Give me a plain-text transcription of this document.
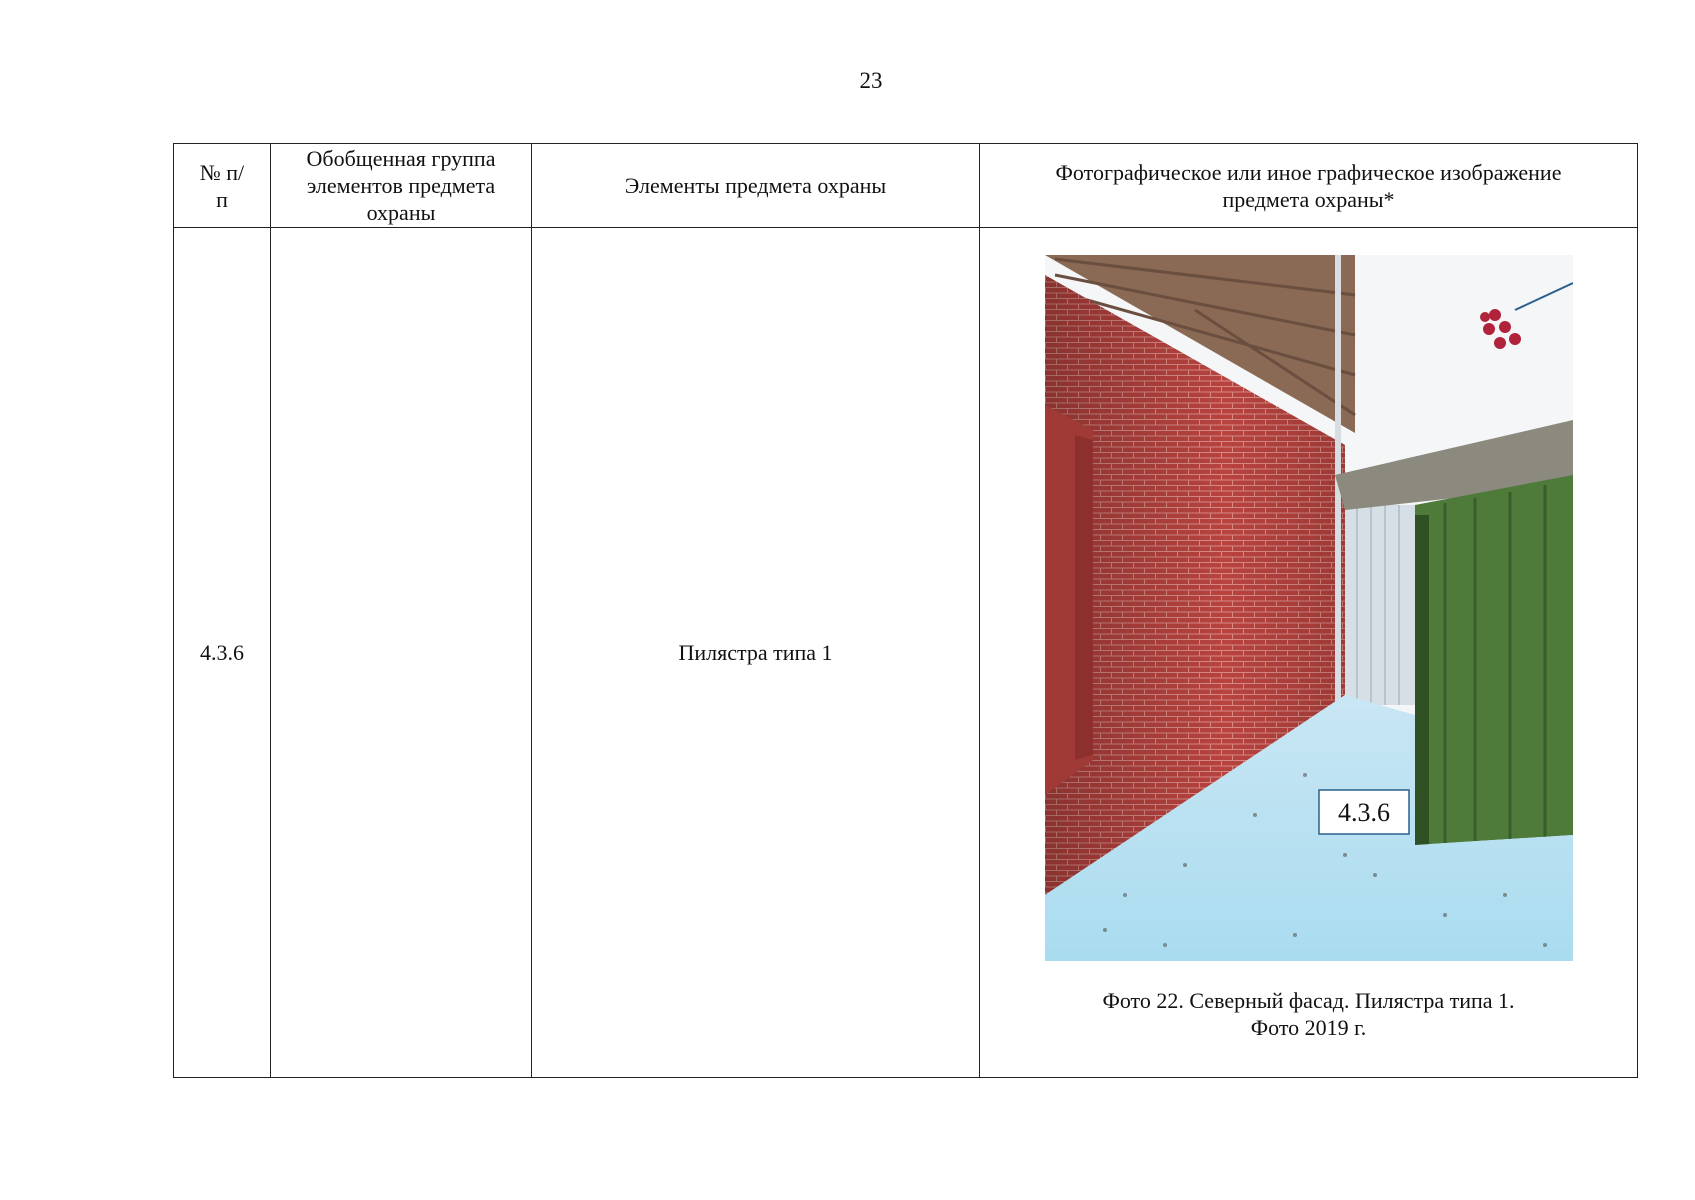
23
№ п/п	Обобщенная группа элементов предмета охраны	Элементы предмета охраны	Фотографическое или иное графическое изображение предмета охраны*
4.3.6		Пилястра типа 1	4.3.6
Фото 22. Северный фасад. Пилястра типа 1.
Фото 2019 г.
